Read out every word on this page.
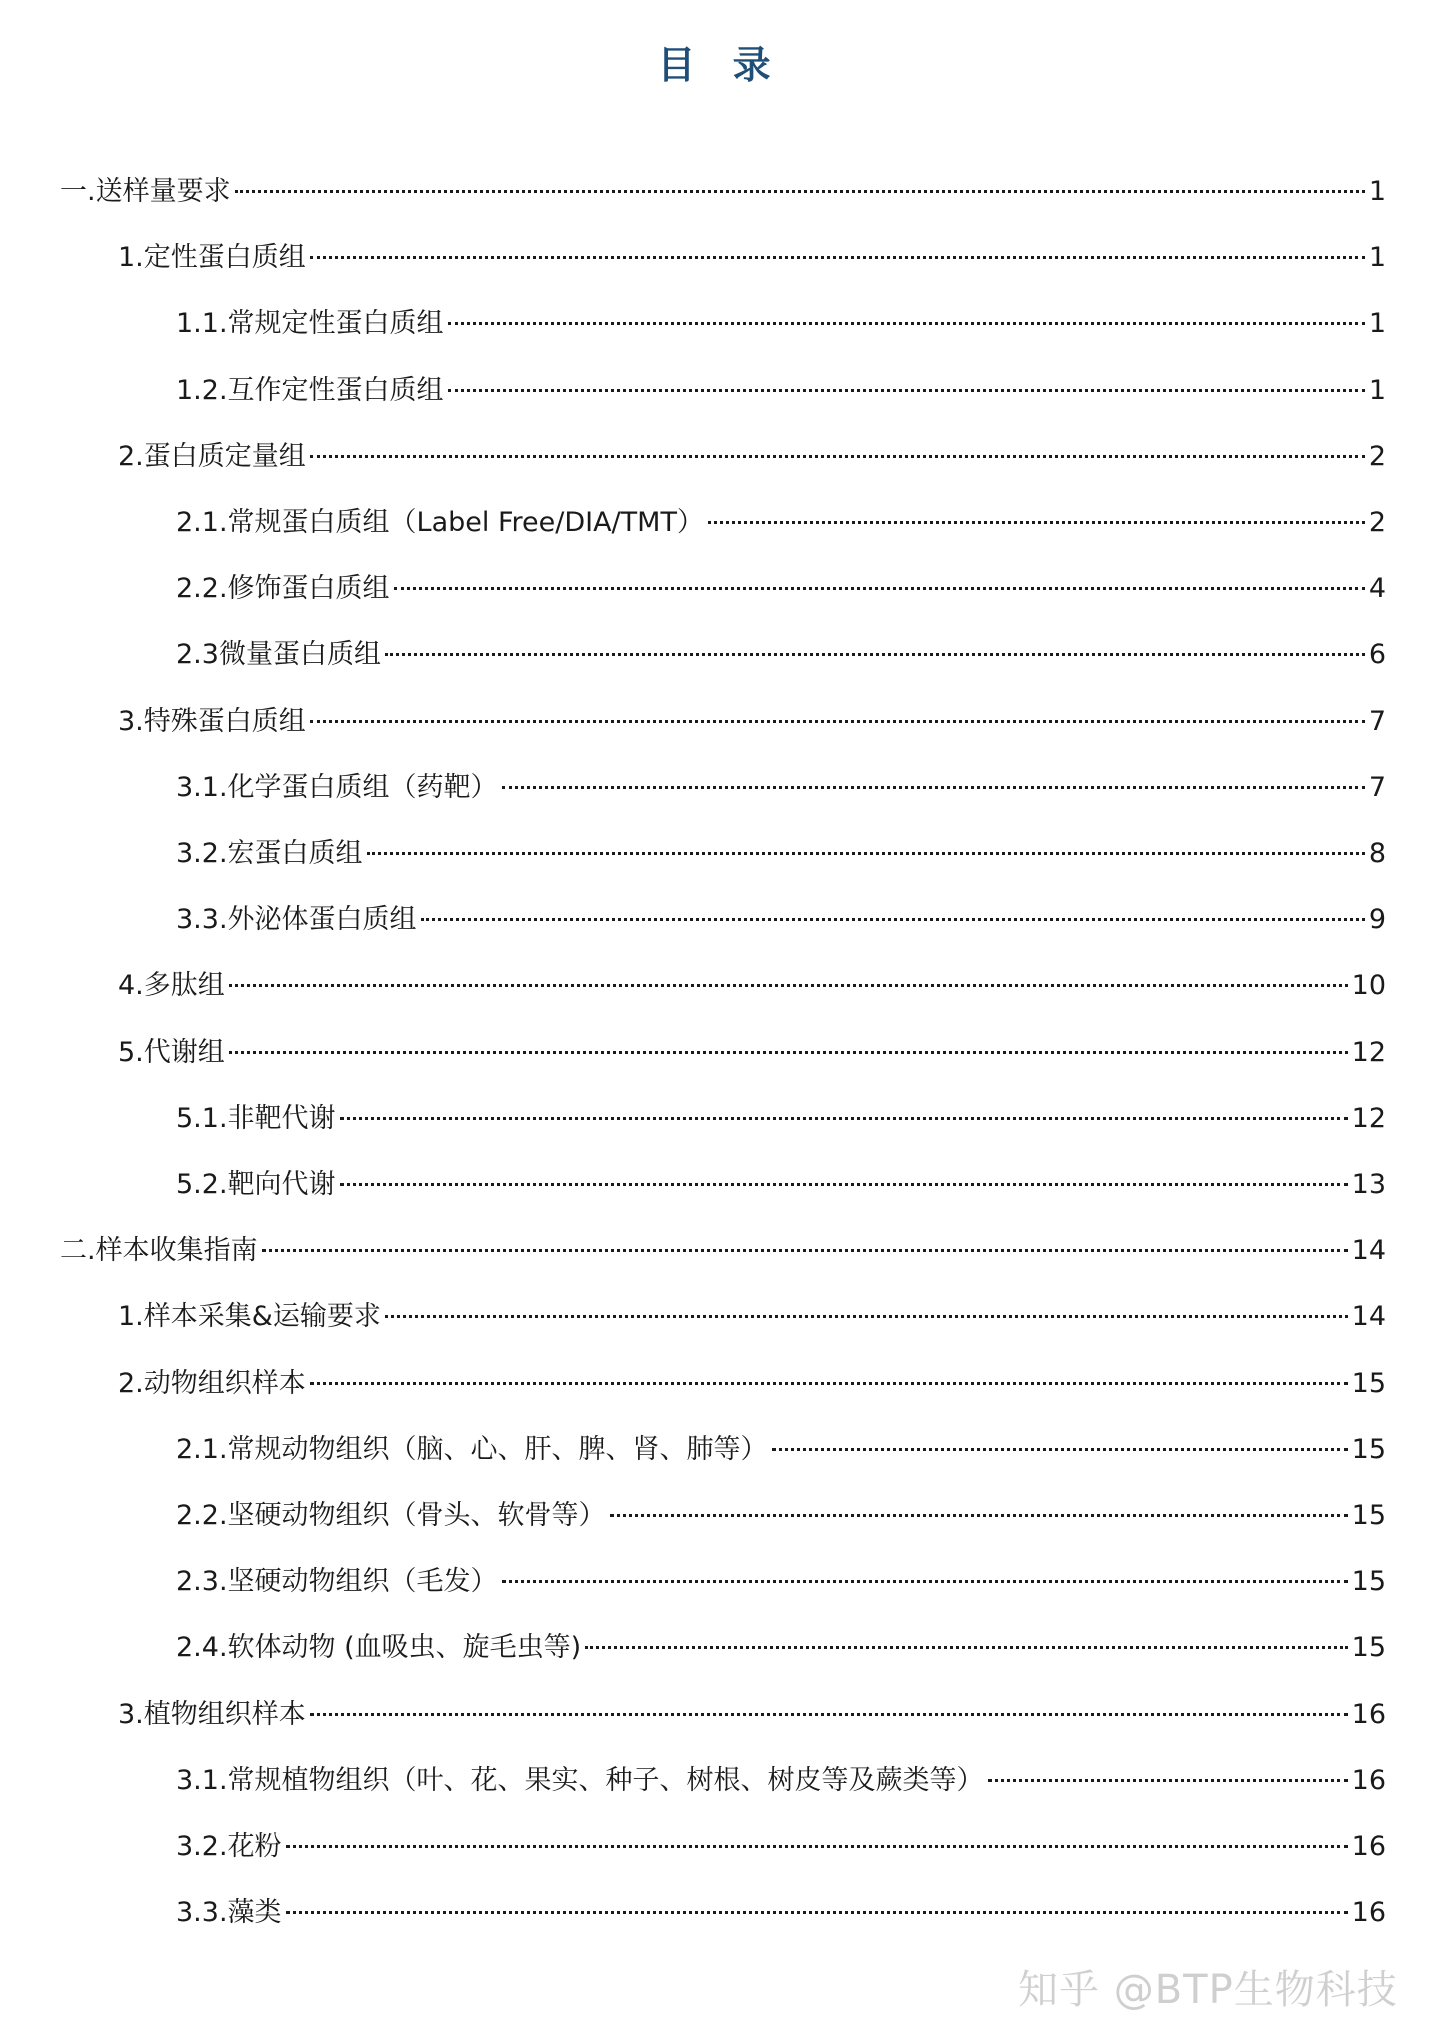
目 录
一.送样量要求	1
1.定性蛋白质组	1
1.1.常规定性蛋白质组	1
1.2.互作定性蛋白质组	1
2.蛋白质定量组	2
2.1.常规蛋白质组（Label Free/DIA/TMT）	2
2.2.修饰蛋白质组	4
2.3微量蛋白质组	6
3.特殊蛋白质组	7
3.1.化学蛋白质组（药靶）	7
3.2.宏蛋白质组	8
3.3.外泌体蛋白质组	9
4.多肽组	10
5.代谢组	12
5.1.非靶代谢	12
5.2.靶向代谢	13
二.样本收集指南	14
1.样本采集&运输要求	14
2.动物组织样本	15
2.1.常规动物组织（脑、心、肝、脾、肾、肺等）	15
2.2.坚硬动物组织（骨头、软骨等）	15
2.3.坚硬动物组织（毛发）	15
2.4.软体动物 (血吸虫、旋毛虫等)	15
3.植物组织样本	16
3.1.常规植物组织（叶、花、果实、种子、树根、树皮等及蕨类等）	16
3.2.花粉	16
3.3.藻类	16
知乎 @BTP生物科技
